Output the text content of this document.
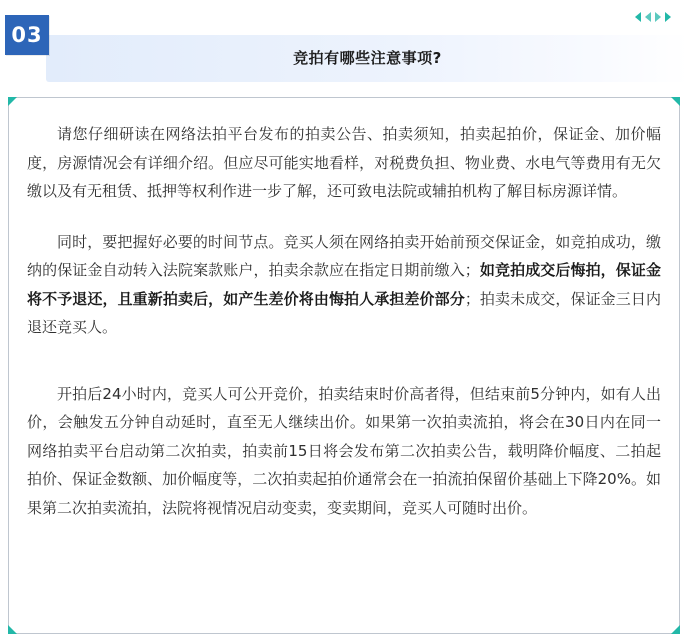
03
竞拍有哪些注意事项?

请您仔细研读在网络法拍平台发布的拍卖公告、拍卖须知，拍卖起拍价，保证金、加价幅度，房源情况会有详细介绍。但应尽可能实地看样，对税费负担、物业费、水电气等费用有无欠缴以及有无租赁、抵押等权利作进一步了解，还可致电法院或辅拍机构了解目标房源详情。

同时，要把握好必要的时间节点。竞买人须在网络拍卖开始前预交保证金，如竞拍成功，缴纳的保证金自动转入法院案款账户，拍卖余款应在指定日期前缴入；如竞拍成交后悔拍，保证金将不予退还，且重新拍卖后，如产生差价将由悔拍人承担差价部分；拍卖未成交，保证金三日内退还竞买人。

开拍后24小时内，竞买人可公开竞价，拍卖结束时价高者得，但结束前5分钟内，如有人出价，会触发五分钟自动延时，直至无人继续出价。如果第一次拍卖流拍，将会在30日内在同一网络拍卖平台启动第二次拍卖，拍卖前15日将会发布第二次拍卖公告，载明降价幅度、二拍起拍价、保证金数额、加价幅度等，二次拍卖起拍价通常会在一拍流拍保留价基础上下降20%。如果第二次拍卖流拍，法院将视情况启动变卖，变卖期间，竞买人可随时出价。
